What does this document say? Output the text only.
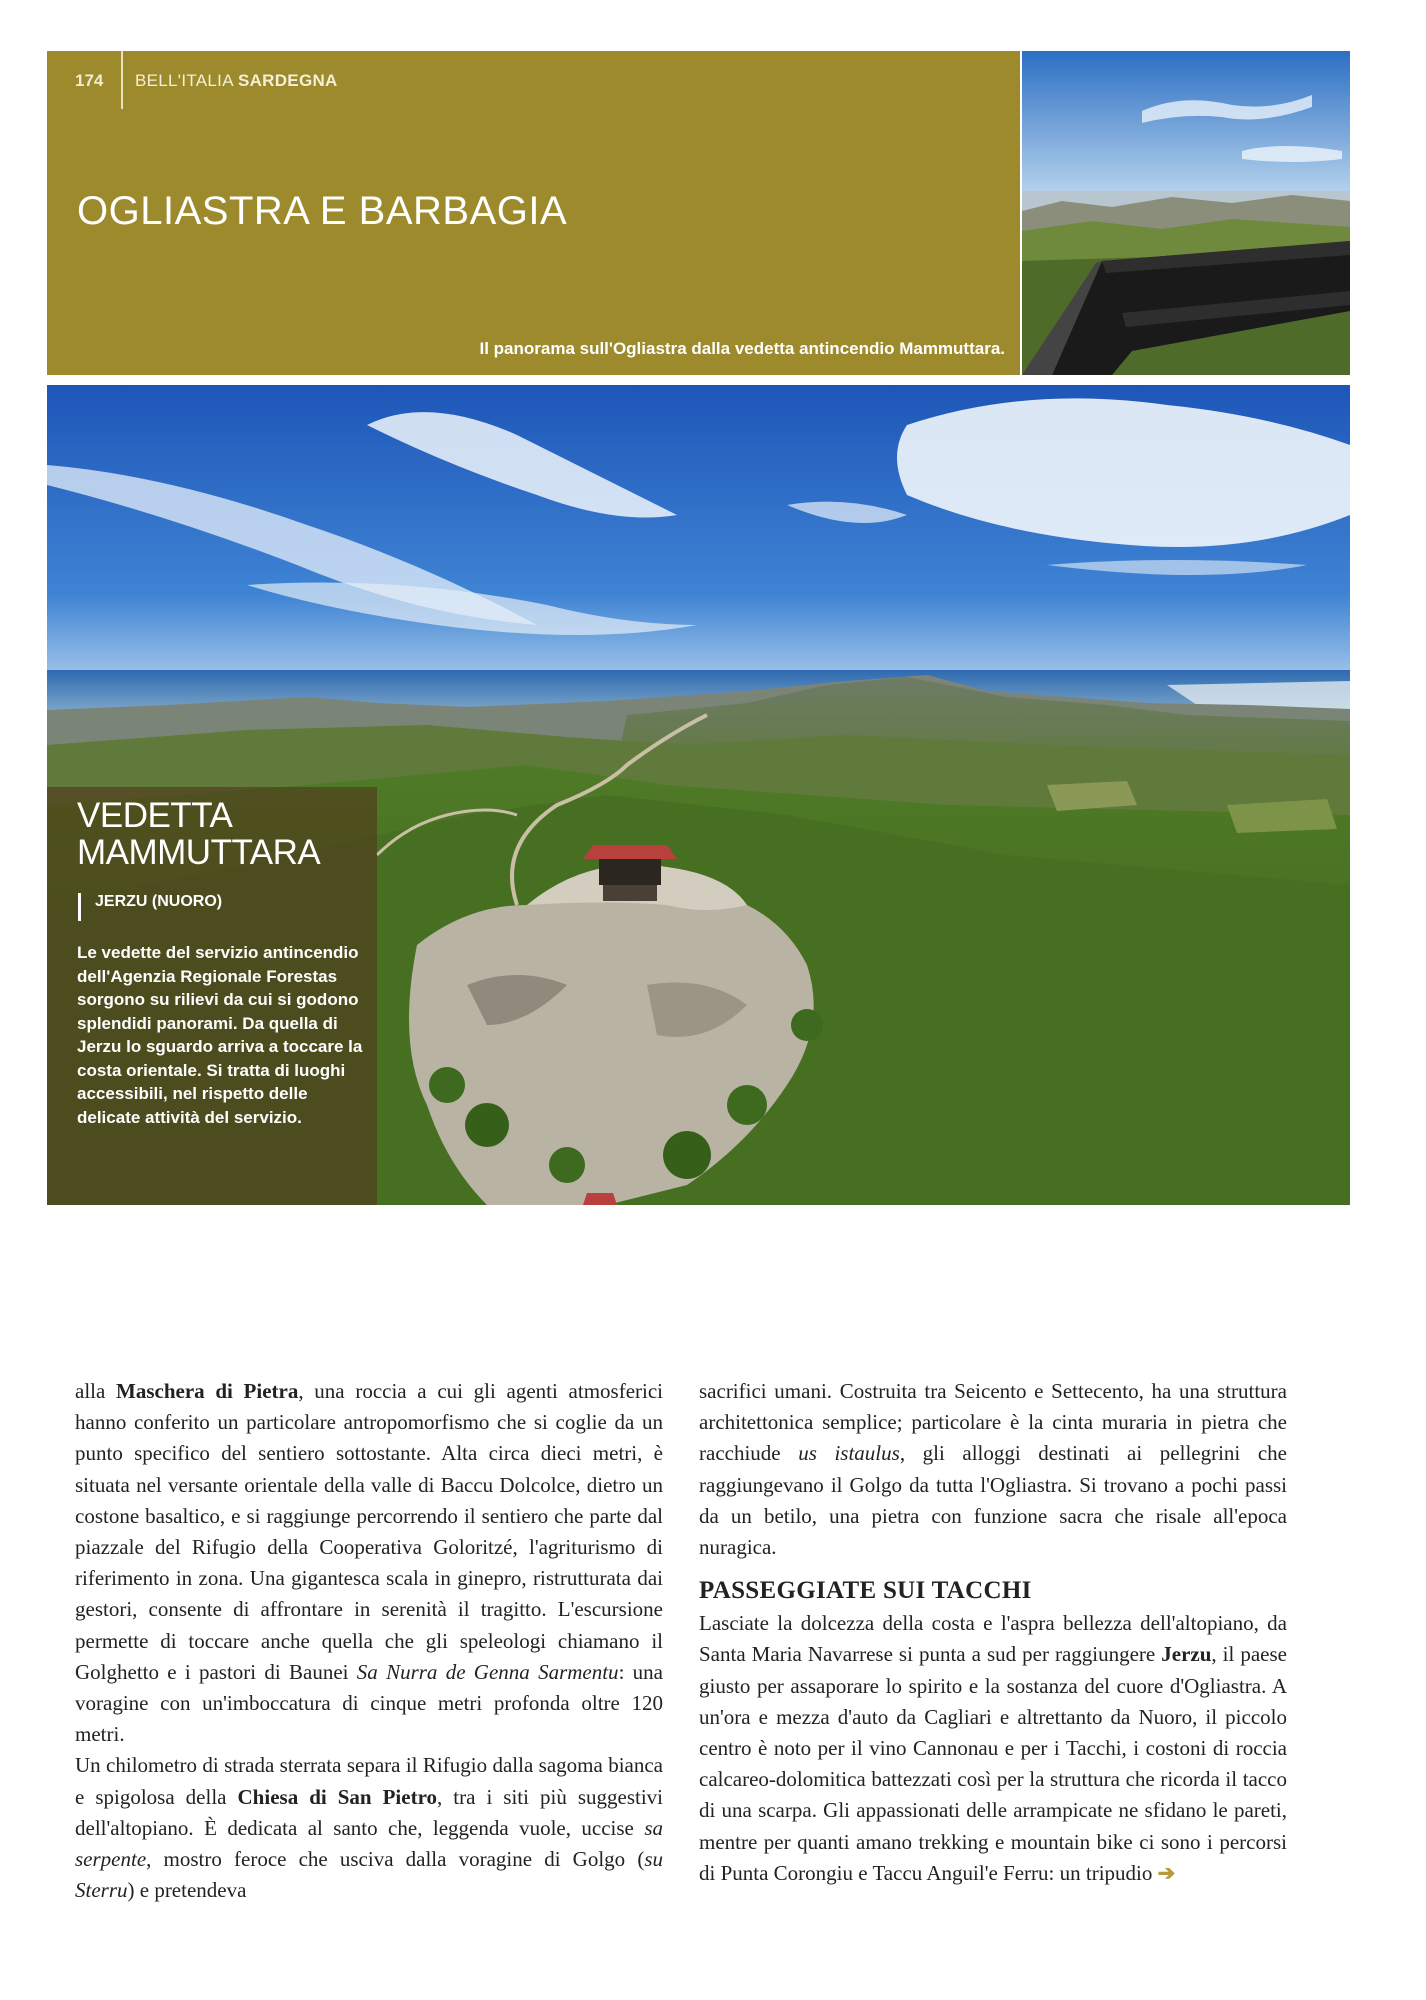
174 BELL'ITALIA SARDEGNA
OGLIASTRA E BARBAGIA
Il panorama sull'Ogliastra dalla vedetta antincendio Mammuttara.
VEDETTA
MAMMUTTARA
JERZU (NUORO)
Le vedette del servizio antincendio dell'Agenzia Regionale Forestas sorgono su rilievi da cui si godono splendidi panorami. Da quella di Jerzu lo sguardo arriva a toccare la costa orientale. Si tratta di luoghi accessibili, nel rispetto delle delicate attività del servizio.

alla Maschera di Pietra, una roccia a cui gli agenti atmosferici hanno conferito un particolare antropomorfismo che si coglie da un punto specifico del sentiero sottostante. Alta circa dieci metri, è situata nel versante orientale della valle di Baccu Dolcolce, dietro un costone basaltico, e si raggiunge percorrendo il sentiero che parte dal piazzale del Rifugio della Cooperativa Goloritzé, l'agriturismo di riferimento in zona. Una gigantesca scala in ginepro, ristrutturata dai gestori, consente di affrontare in serenità il tragitto. L'escursione permette di toccare anche quella che gli speleologi chiamano il Golghetto e i pastori di Baunei Sa Nurra de Genna Sarmentu: una voragine con un'imboccatura di cinque metri profonda oltre 120 metri.

Un chilometro di strada sterrata separa il Rifugio dalla sagoma bianca e spigolosa della Chiesa di San Pietro, tra i siti più suggestivi dell'altopiano. È dedicata al santo che, leggenda vuole, uccise sa serpente, mostro feroce che usciva dalla voragine di Golgo (su Sterru) e pretendeva

sacrifici umani. Costruita tra Seicento e Settecento, ha una struttura architettonica semplice; particolare è la cinta muraria in pietra che racchiude us istaulus, gli alloggi destinati ai pellegrini che raggiungevano il Golgo da tutta l'Ogliastra. Si trovano a pochi passi da un betilo, una pietra con funzione sacra che risale all'epoca nuragica.

PASSEGGIATE SUI TACCHI

Lasciate la dolcezza della costa e l'aspra bellezza dell'altopiano, da Santa Maria Navarrese si punta a sud per raggiungere Jerzu, il paese giusto per assaporare lo spirito e la sostanza del cuore d'Ogliastra. A un'ora e mezza d'auto da Cagliari e altrettanto da Nuoro, il piccolo centro è noto per il vino Cannonau e per i Tacchi, i costoni di roccia calcareo-dolomitica battezzati così per la struttura che ricorda il tacco di una scarpa. Gli appassionati delle arrampicate ne sfidano le pareti, mentre per quanti amano trekking e mountain bike ci sono i percorsi di Punta Corongiu e Taccu Anguil'e Ferru: un tripudio ➔
